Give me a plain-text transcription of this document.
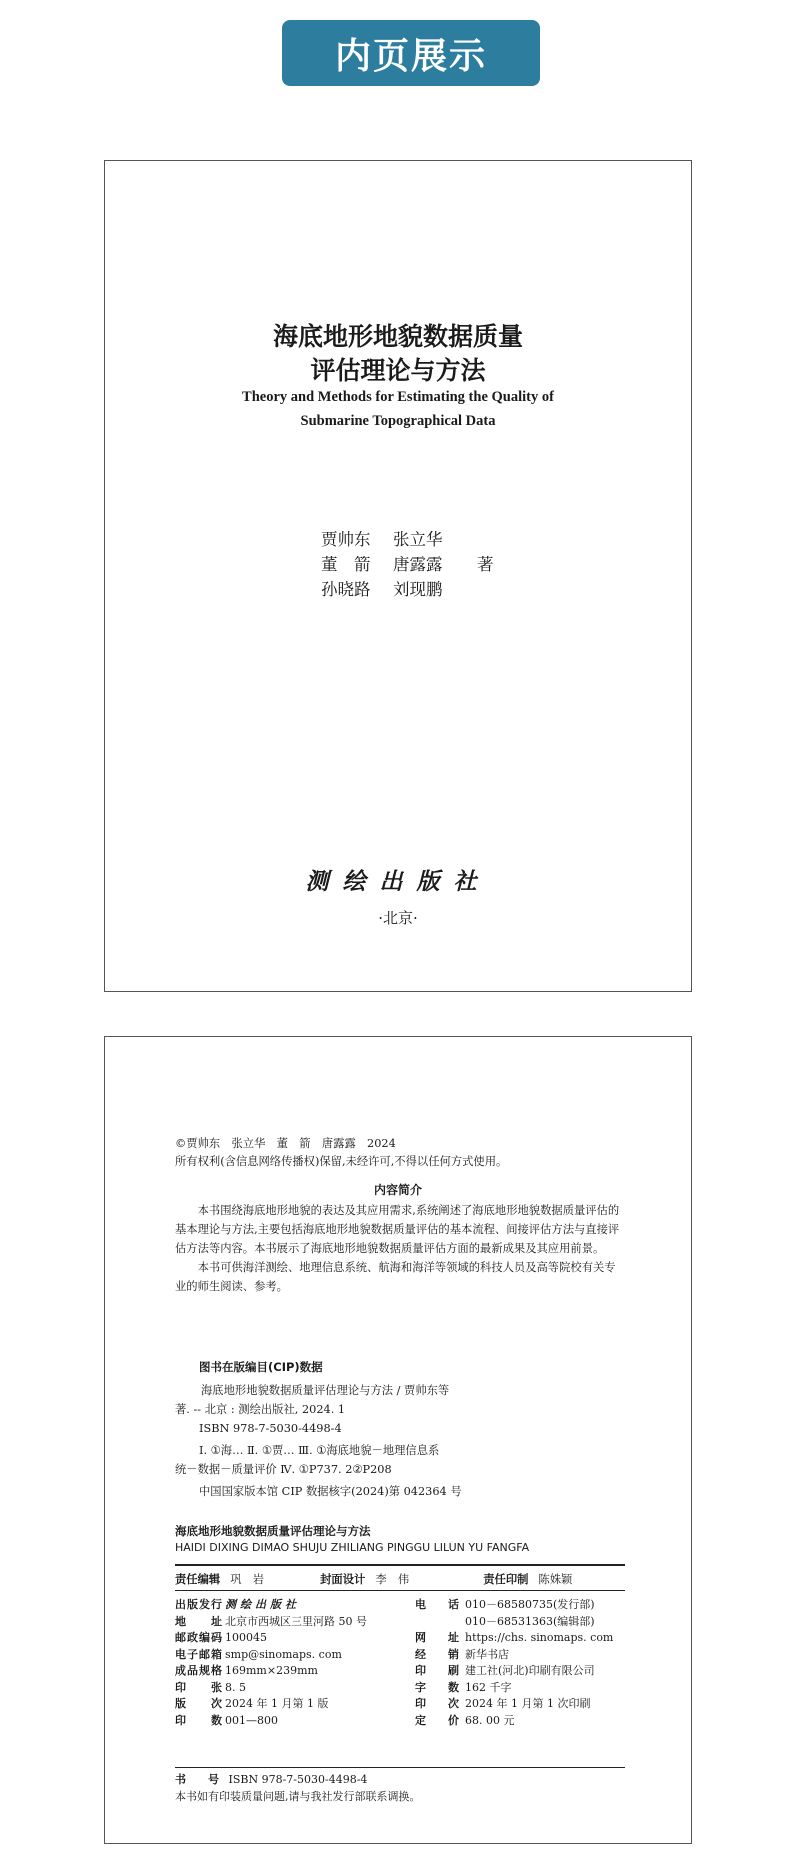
内页展示
海底地形地貌数据质量
评估理论与方法
Theory and Methods for Estimating the Quality of
Submarine Topographical Data
贾帅东	张立华
董　箭	唐露露	著
孙晓路	刘现鹏
测绘出版社
·北京·
©贾帅东　张立华　董　箭　唐露露　2024
所有权利(含信息网络传播权)保留,未经许可,不得以任何方式使用。
内容简介

本书围绕海底地形地貌的表达及其应用需求,系统阐述了海底地形地貌数据质量评估的基本理论与方法,主要包括海底地形地貌数据质量评估的基本流程、间接评估方法与直接评估方法等内容。本书展示了海底地形地貌数据质量评估方面的最新成果及其应用前景。

本书可供海洋测绘、地理信息系统、航海和海洋等领域的科技人员及高等院校有关专业的师生阅读、参考。

图书在版编目(CIP)数据
海底地形地貌数据质量评估理论与方法 / 贾帅东等
著. -- 北京 : 测绘出版社, 2024. 1
ISBN 978-7-5030-4498-4
Ⅰ. ①海… Ⅱ. ①贾… Ⅲ. ①海底地貌－地理信息系
统－数据－质量评价 Ⅳ. ①P737. 2②P208
中国国家版本馆 CIP 数据核字(2024)第 042364 号
海底地形地貌数据质量评估理论与方法
HAIDI DIXING DIMAO SHUJU ZHILIANG PINGGU LILUN YU FANGFA
责任编辑 巩　岩	封面设计 李　伟	责任印制 陈姝颖
出版发行 测绘出版社	电　　话 010－68580735(发行部)
地　　址 北京市西城区三里河路 50 号	010－68531363(编辑部)
邮政编码 100045	网　　址 https://chs. sinomaps. com
电子邮箱 smp@sinomaps. com	经　　销 新华书店
成品规格 169mm×239mm	印　　刷 建工社(河北)印刷有限公司
印　　张 8. 5	字　　数 162 千字
版　　次 2024 年 1 月第 1 版	印　　次 2024 年 1 月第 1 次印刷
印　　数 001—800	定　　价 68. 00 元
书　　号 ISBN 978-7-5030-4498-4
本书如有印装质量问题,请与我社发行部联系调换。
